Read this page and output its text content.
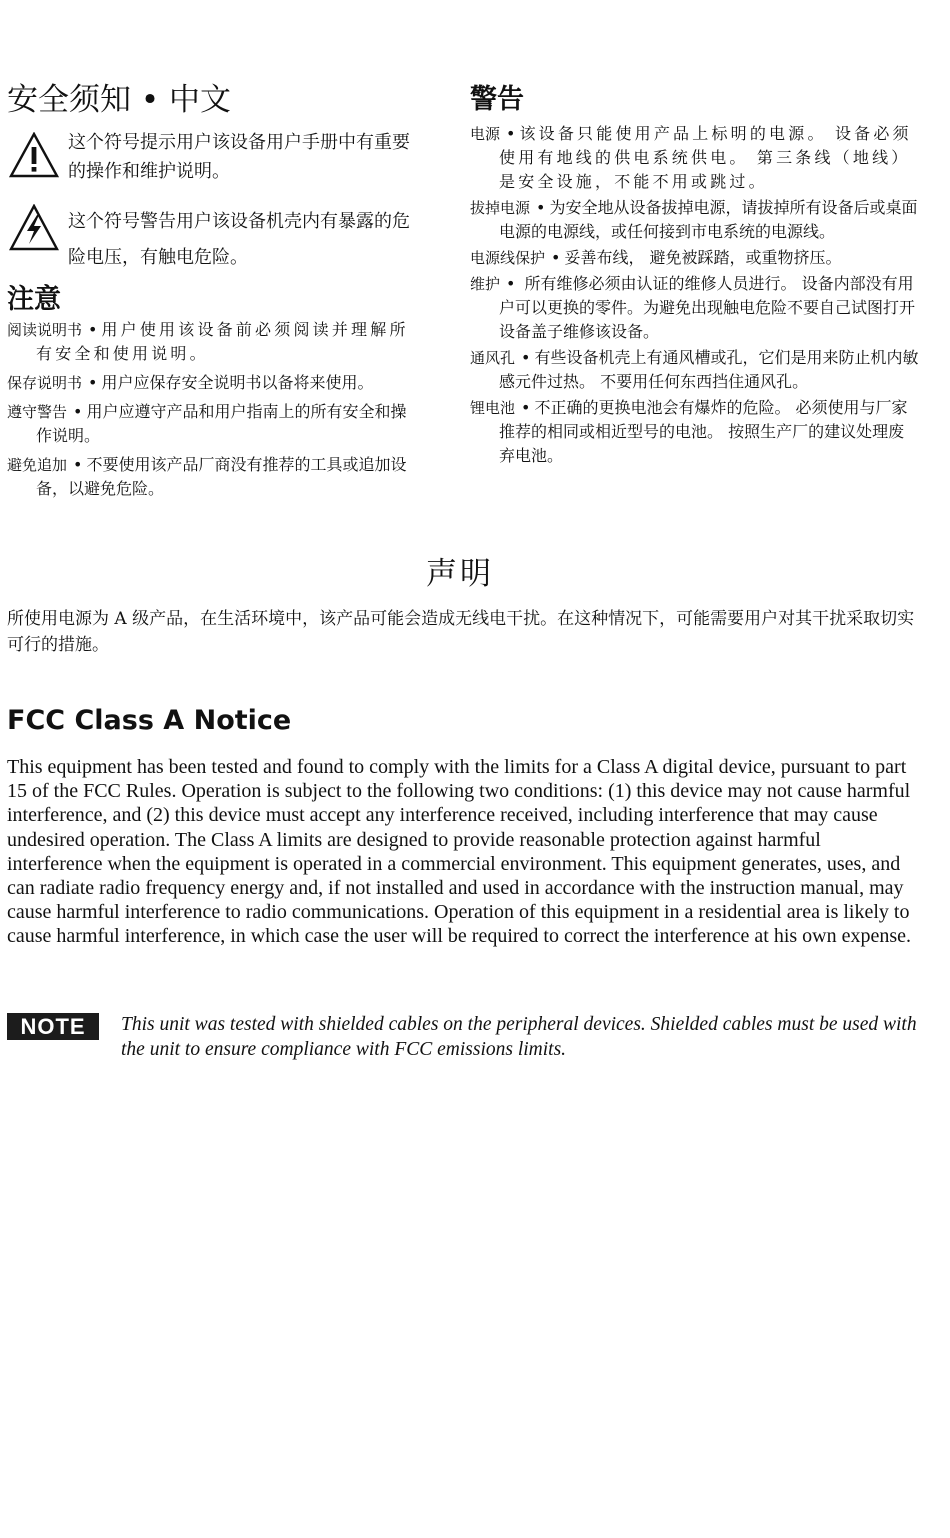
安全须知 • 中文
这个符号提示用户该设备用户手册中有重要的操作和维护说明。
这个符号警告用户该设备机壳内有暴露的危险电压，有触电危险。
注意
阅读说明书 • 用户使用该设备前必须阅读并理解所有安全和使用说明。
保存说明书 • 用户应保存安全说明书以备将来使用。
遵守警告 • 用户应遵守产品和用户指南上的所有安全和操作说明。
避免追加 • 不要使用该产品厂商没有推荐的工具或追加设备，以避免危险。
警告
电源 • 该设备只能使用产品上标明的电源。 设备必须使用有地线的供电系统供电。 第三条线（地线）是安全设施，不能不用或跳过。
拔掉电源 • 为安全地从设备拔掉电源，请拔掉所有设备后或桌面电源的电源线，或任何接到市电系统的电源线。
电源线保护 • 妥善布线， 避免被踩踏，或重物挤压。
维护 • 所有维修必须由认证的维修人员进行。 设备内部没有用户可以更换的零件。为避免出现触电危险不要自己试图打开设备盖子维修该设备。
通风孔 • 有些设备机壳上有通风槽或孔，它们是用来防止机内敏感元件过热。 不要用任何东西挡住通风孔。
锂电池 • 不正确的更换电池会有爆炸的危险。 必须使用与厂家推荐的相同或相近型号的电池。 按照生产厂的建议处理废弃电池。
声明

所使用电源为 A 级产品，在生活环境中，该产品可能会造成无线电干扰。在这种情况下，可能需要用户对其干扰采取切实可行的措施。

FCC Class A Notice

This equipment has been tested and found to comply with the limits for a Class A digital device, pursuant to part 15 of the FCC Rules. Operation is subject to the following two conditions: (1) this device may not cause harmful interference, and (2) this device must accept any interference received, including interference that may cause undesired operation. The Class A limits are designed to provide reasonable protection against harmful interference when the equipment is operated in a commercial environment. This equipment generates, uses, and can radiate radio frequency energy and, if not installed and used in accordance with the instruction manual, may cause harmful interference to radio communications. Operation of this equipment in a residential area is likely to cause harmful interference, in which case the user will be required to correct the interference at his own expense.

NOTE	This unit was tested with shielded cables on the peripheral devices. Shielded cables must be used with the unit to ensure compliance with FCC emissions limits.
